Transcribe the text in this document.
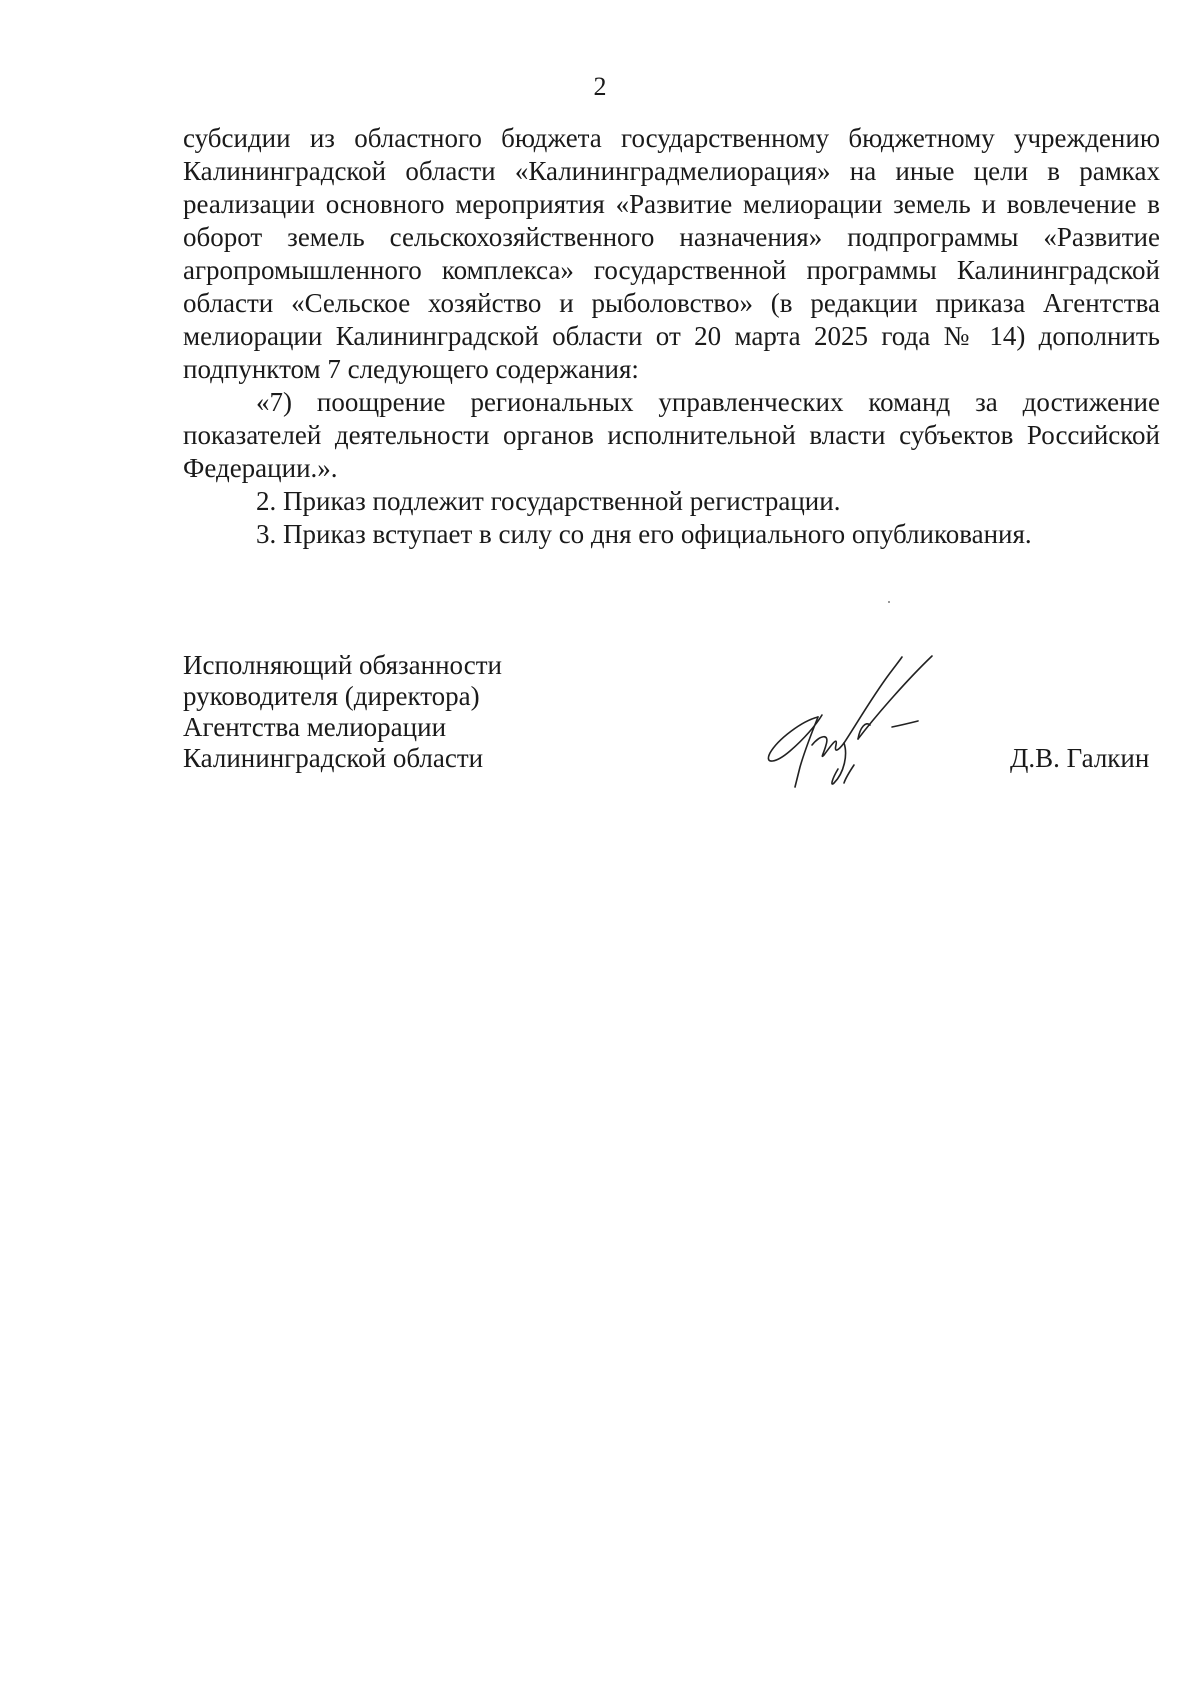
2

субсидии из областного бюджета государственному бюджетному учреждению Калининградской области «Калининградмелиорация» на иные цели в рамках реализации основного мероприятия «Развитие мелиорации земель и вовлечение в оборот земель сельскохозяйственного назначения» подпрограммы «Развитие агропромышленного комплекса» государственной программы Калининградской области «Сельское хозяйство и рыболовство» (в редакции приказа Агентства мелиорации Калининградской области от 20 марта 2025 года № 14) дополнить подпунктом 7 следующего содержания:

«7) поощрение региональных управленческих команд за достижение показателей деятельности органов исполнительной власти субъектов Российской Федерации.».

2. Приказ подлежит государственной регистрации.

3. Приказ вступает в силу со дня его официального опубликования.

Исполняющий обязанности
руководителя (директора)
Агентства мелиорации
Калининградской области	Д.В. Галкин
